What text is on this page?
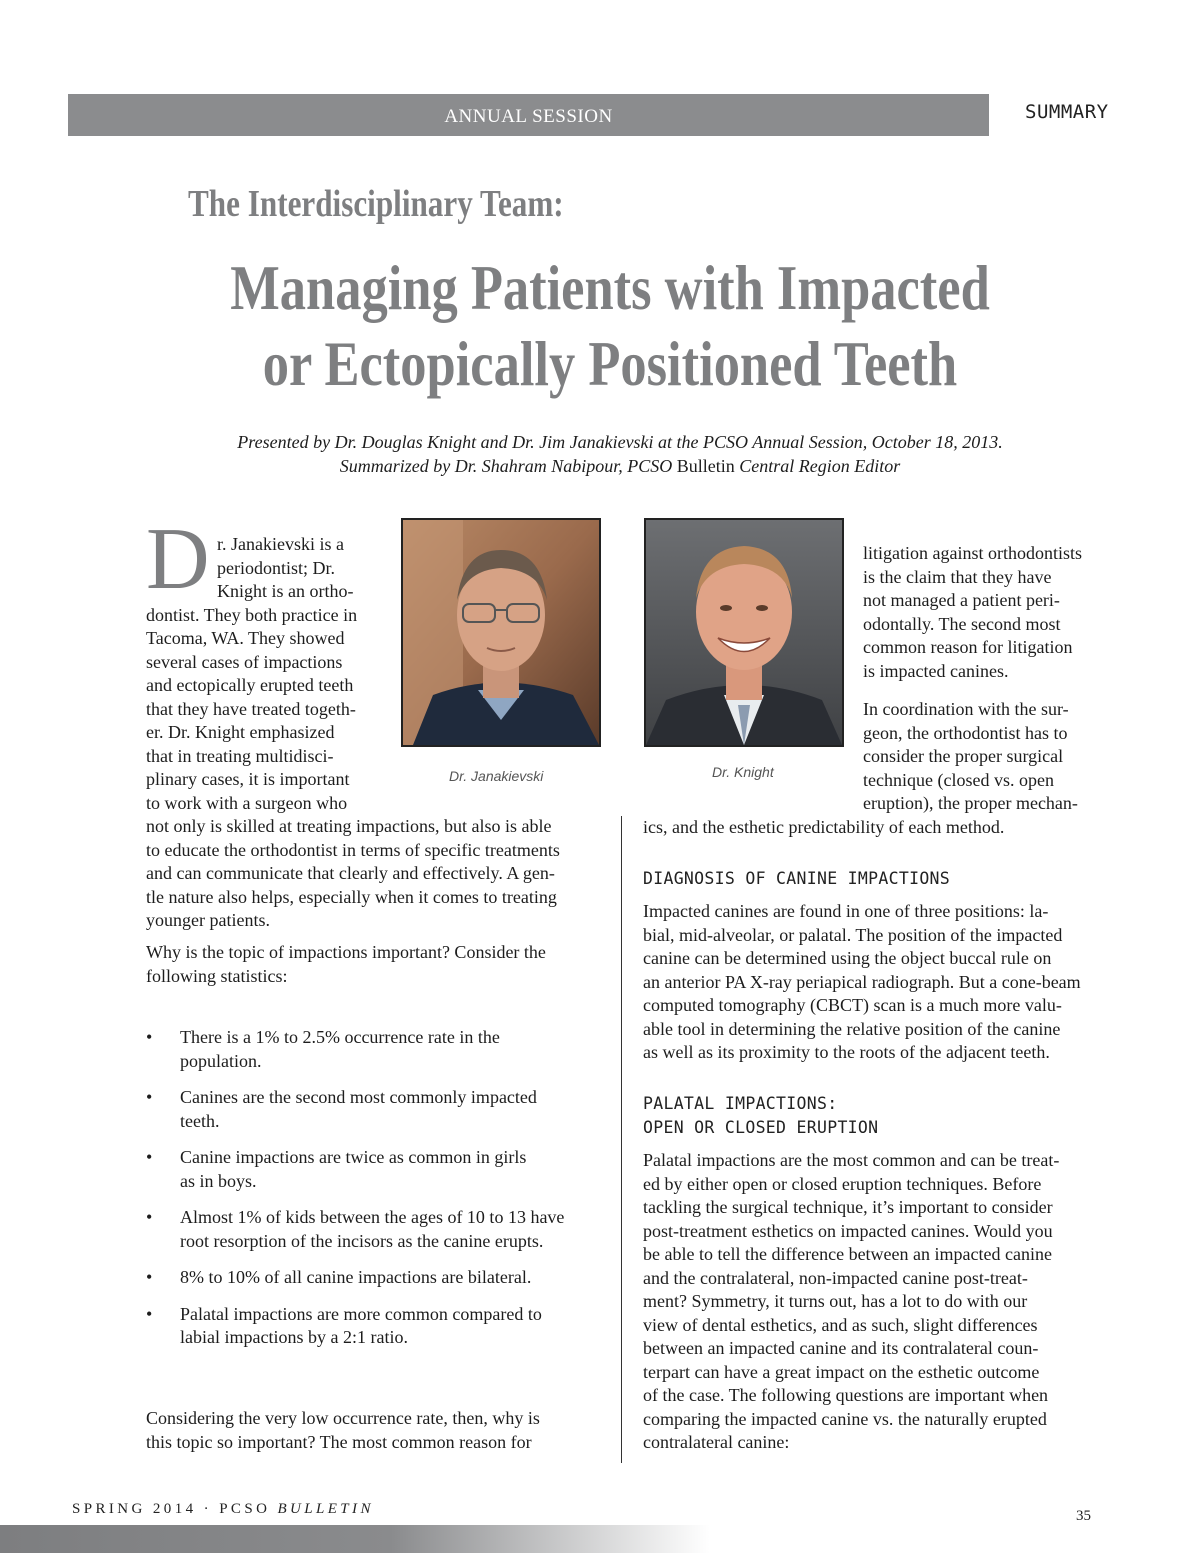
ANNUAL SESSION	SUMMARY
The Interdisciplinary Team:
Managing Patients with Impacted
or Ectopically Positioned Teeth
Presented by Dr. Douglas Knight and Dr. Jim Janakievski at the PCSO Annual Session, October 18, 2013.
Summarized by Dr. Shahram Nabipour, PCSO Bulletin Central Region Editor
D r. Janakievski is a
periodontist; Dr.
Knight is an ortho-
dontist. They both practice in
Tacoma, WA. They showed
several cases of impactions
and ectopically erupted teeth
that they have treated togeth-
er. Dr. Knight emphasized
that in treating multidisci-
plinary cases, it is important
to work with a surgeon who
not only is skilled at treating impactions, but also is able
to educate the orthodontist in terms of specific treatments
and can communicate that clearly and effectively. A gen-
tle nature also helps, especially when it comes to treating
younger patients.
Why is the topic of impactions important? Consider the
following statistics:
• There is a 1% to 2.5% occurrence rate in the
population.
• Canines are the second most commonly impacted
teeth.
• Canine impactions are twice as common in girls
as in boys.
• Almost 1% of kids between the ages of 10 to 13 have
root resorption of the incisors as the canine erupts.
• 8% to 10% of all canine impactions are bilateral.
• Palatal impactions are more common compared to
labial impactions by a 2:1 ratio.
Considering the very low occurrence rate, then, why is
this topic so important? The most common reason for
Dr. Janakievski	Dr. Knight
litigation against orthodontists
is the claim that they have
not managed a patient peri-
odontally. The second most
common reason for litigation
is impacted canines.
In coordination with the sur-
geon, the orthodontist has to
consider the proper surgical
technique (closed vs. open
eruption), the proper mechan-
ics, and the esthetic predictability of each method.
DIAGNOSIS OF CANINE IMPACTIONS
Impacted canines are found in one of three positions: la-
bial, mid-alveolar, or palatal. The position of the impacted
canine can be determined using the object buccal rule on
an anterior PA X-ray periapical radiograph. But a cone-beam
computed tomography (CBCT) scan is a much more valu-
able tool in determining the relative position of the canine
as well as its proximity to the roots of the adjacent teeth.
PALATAL IMPACTIONS:
OPEN OR CLOSED ERUPTION
Palatal impactions are the most common and can be treat-
ed by either open or closed eruption techniques. Before
tackling the surgical technique, it’s important to consider
post-treatment esthetics on impacted canines. Would you
be able to tell the difference between an impacted canine
and the contralateral, non-impacted canine post-treat-
ment? Symmetry, it turns out, has a lot to do with our
view of dental esthetics, and as such, slight differences
between an impacted canine and its contralateral coun-
terpart can have a great impact on the esthetic outcome
of the case. The following questions are important when
comparing the impacted canine vs. the naturally erupted
contralateral canine:
SPRING 2014 · PCSO BULLETIN	35
